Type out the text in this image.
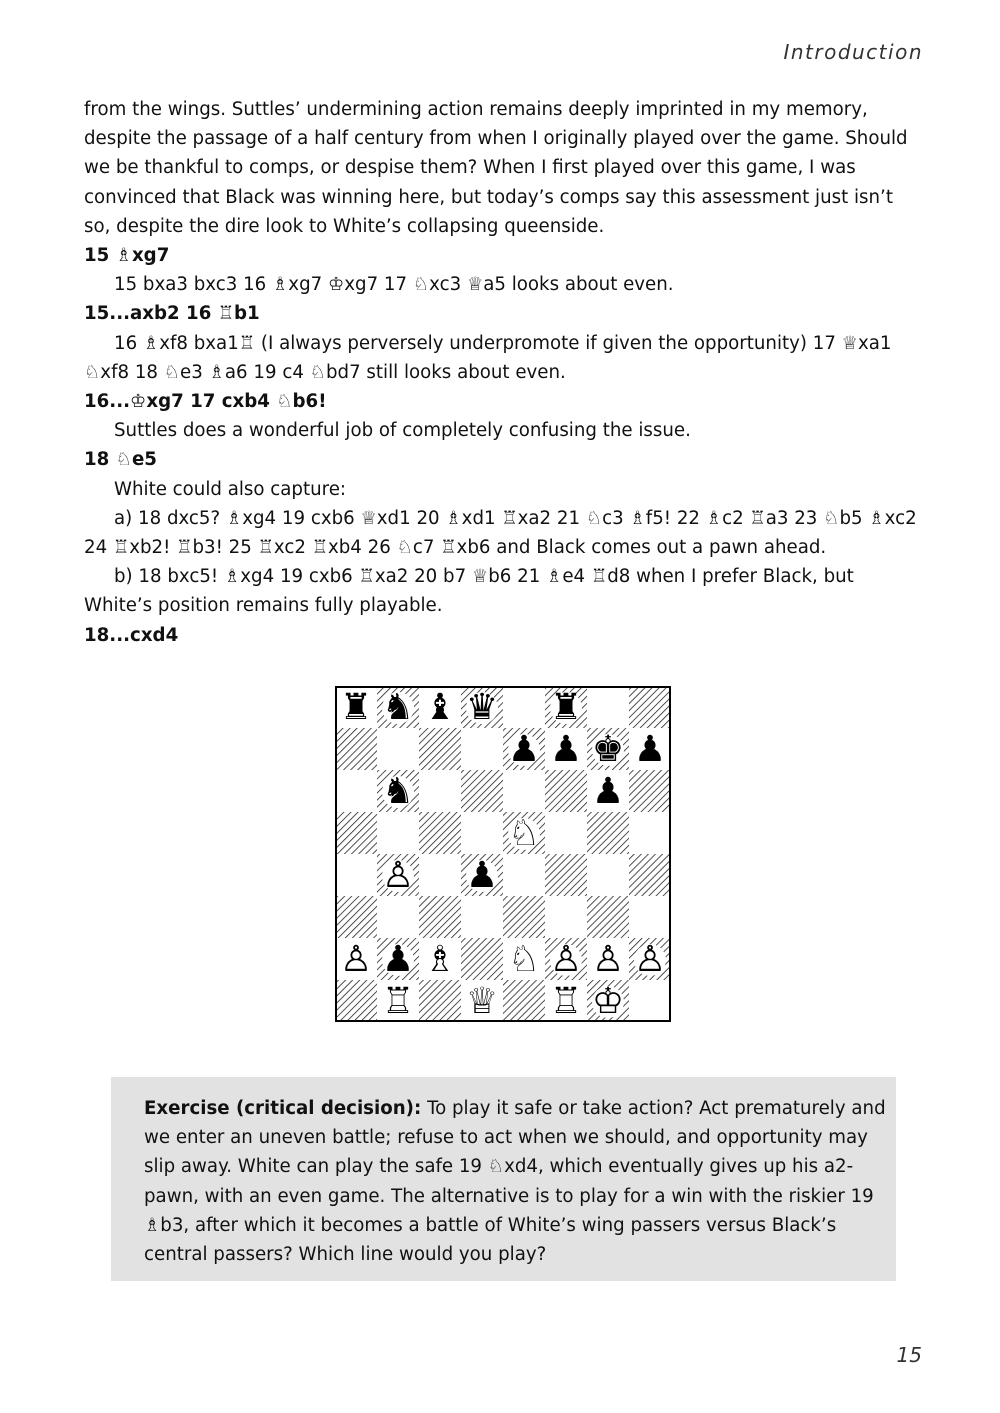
Introduction

from the wings. Suttles’ undermining action remains deeply imprinted in my memory, despite the passage of a half century from when I originally played over the game. Should we be thankful to comps, or despise them? When I first played over this game, I was convinced that Black was winning here, but today’s comps say this assessment just isn’t so, despite the dire look to White’s collapsing queenside.

15 ♗xg7

15 bxa3 bxc3 16 ♗xg7 ♔xg7 17 ♘xc3 ♕a5 looks about even.

15...axb2 16 ♖b1

16 ♗xf8 bxa1♖ (I always perversely underpromote if given the opportunity) 17 ♕xa1 ♘xf8 18 ♘e3 ♗a6 19 c4 ♘bd7 still looks about even.

16...♔xg7 17 cxb4 ♘b6!

Suttles does a wonderful job of completely confusing the issue.

18 ♘e5

White could also capture:

a) 18 dxc5? ♗xg4 19 cxb6 ♕xd1 20 ♗xd1 ♖xa2 21 ♘c3 ♗f5! 22 ♗c2 ♖a3 23 ♘b5 ♗xc2 24 ♖xb2! ♖b3! 25 ♖xc2 ♖xb4 26 ♘c7 ♖xb6 and Black comes out a pawn ahead.

b) 18 bxc5! ♗xg4 19 cxb6 ♖xa2 20 b7 ♕b6 21 ♗e4 ♖d8 when I prefer Black, but White’s position remains fully playable.

18...cxd4

♜ ♞ ♝ ♛ ♜
♟ ♟ ♚ ♟
♞	♟
♘
♙ ♟
♙ ♟ ♗ ♘ ♙ ♙ ♙
♖ ♕ ♖ ♔

Exercise (critical decision): To play it safe or take action? Act prematurely and we enter an uneven battle; refuse to act when we should, and opportunity may slip away. White can play the safe 19 ♘xd4, which eventually gives up his a2-pawn, with an even game. The alternative is to play for a win with the riskier 19 ♗b3, after which it becomes a battle of White’s wing passers versus Black’s central passers? Which line would you play?

15
